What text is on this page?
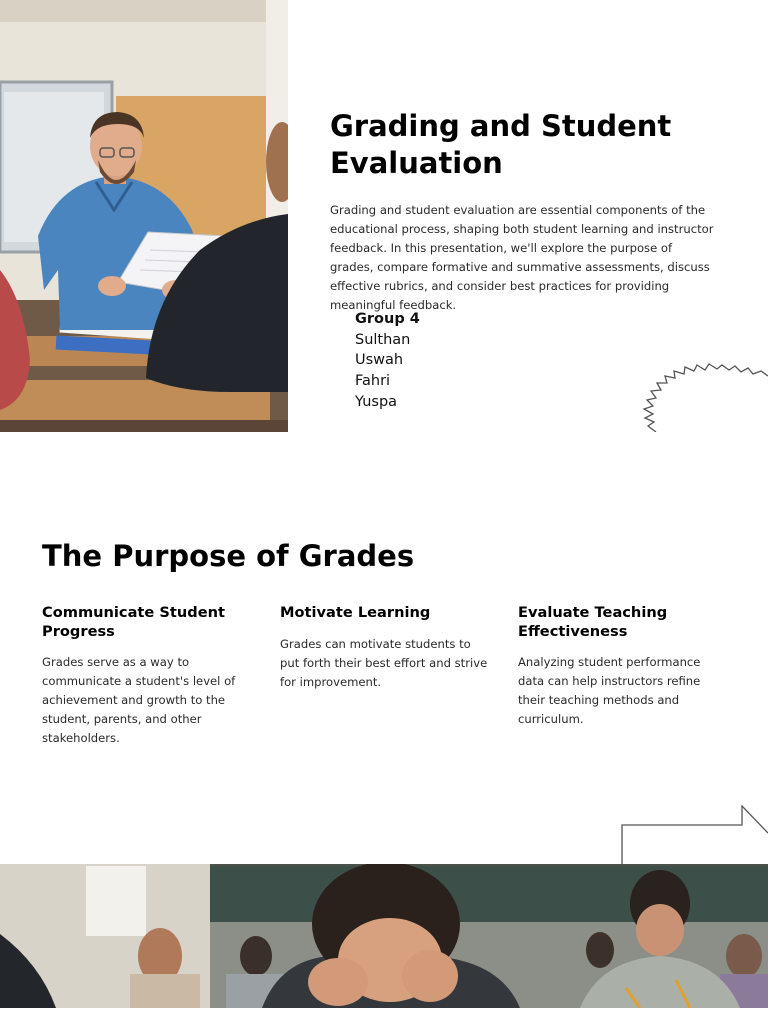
Grading and Student Evaluation

Grading and student evaluation are essential components of the educational process, shaping both student learning and instructor feedback. In this presentation, we'll explore the purpose of grades, compare formative and summative assessments, discuss effective rubrics, and consider best practices for providing meaningful feedback.

Group 4
Sulthan
Uswah
Fahri
Yuspa
The Purpose of Grades
Communicate Student Progress

Grades serve as a way to communicate a student's level of achievement and growth to the student, parents, and other stakeholders.

Motivate Learning

Grades can motivate students to put forth their best effort and strive for improvement.

Evaluate Teaching Effectiveness

Analyzing student performance data can help instructors refine their teaching methods and curriculum.
